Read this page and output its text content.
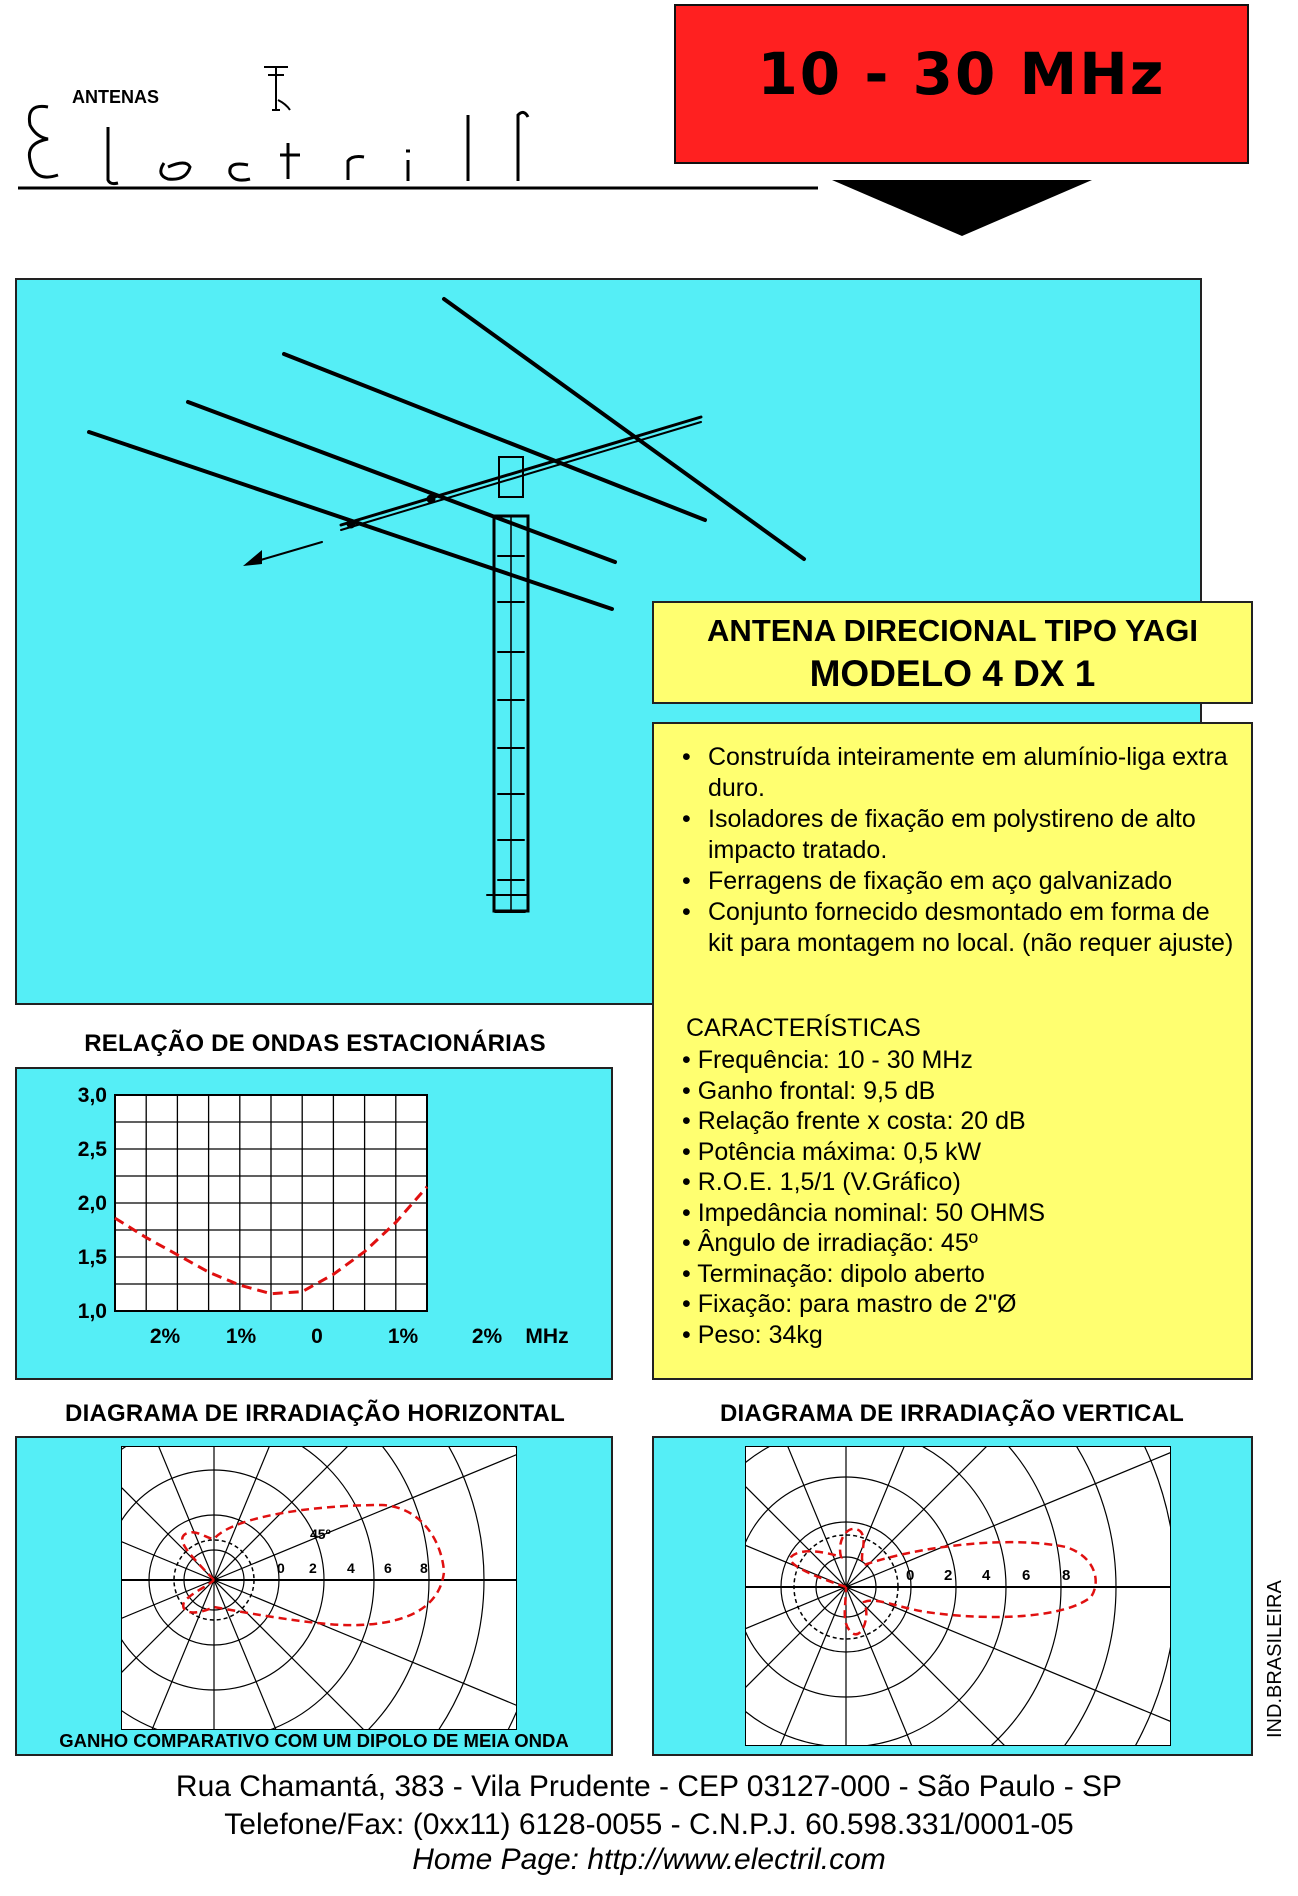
ANTENAS	10 - 30 MHz
ANTENA DIRECIONAL TIPO YAGI
MODELO 4 DX 1
• Construída inteiramente em alumínio-liga extra duro.
• Isoladores de fixação em polystireno de alto impacto tratado.
• Ferragens de fixação em aço galvanizado
• Conjunto fornecido desmontado em forma de kit para montagem no local. (não requer ajuste)
CARACTERÍSTICAS
• Frequência: 10 - 30 MHz
• Ganho frontal: 9,5 dB
• Relação frente x costa: 20 dB
• Potência máxima: 0,5 kW
• R.O.E. 1,5/1 (V.Gráfico)
• Impedância nominal: 50 OHMS
• Ângulo de irradiação: 45º
• Terminação: dipolo aberto
• Fixação: para mastro de 2"Ø
• Peso: 34kg
RELAÇÃO DE ONDAS ESTACIONÁRIAS
3,0
2,5
2,0
1,5
1,0
2% 1%	0	1%	2% MHz
DIAGRAMA DE IRRADIAÇÃO HORIZONTAL
0 2 4 6 8
45º
GANHO COMPARATIVO COM UM DIPOLO DE MEIA ONDA
DIAGRAMA DE IRRADIAÇÃO VERTICAL
0 2 4 6 8
IND.BRASILEIRA
Rua Chamantá, 383 - Vila Prudente - CEP 03127-000 - São Paulo - SP
Telefone/Fax: (0xx11) 6128-0055 - C.N.P.J. 60.598.331/0001-05
Home Page: http://www.electril.com
